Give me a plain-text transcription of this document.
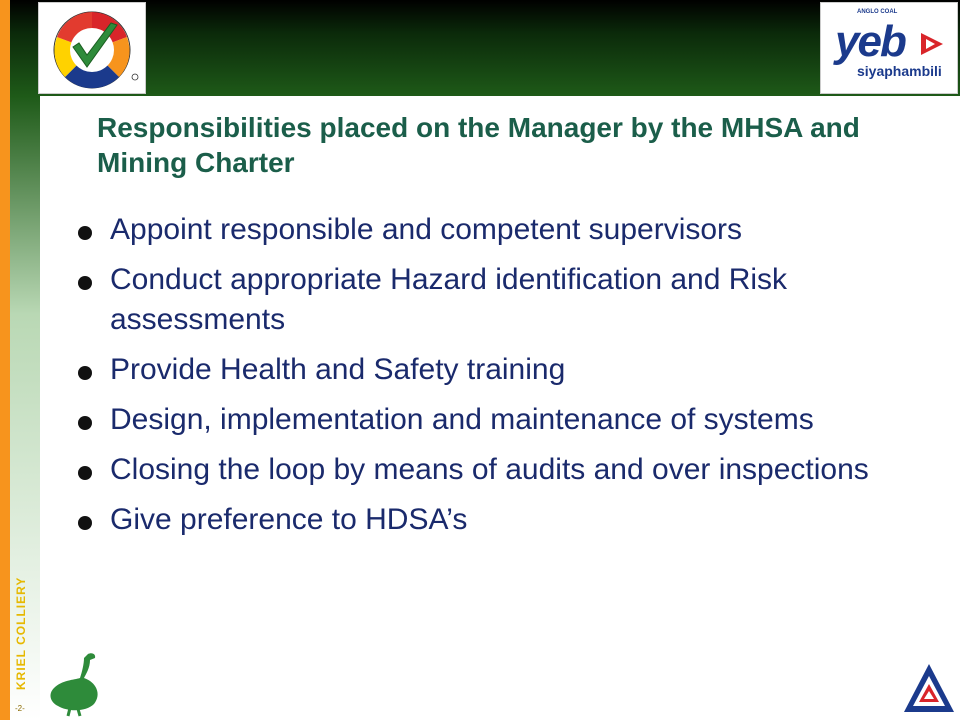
ANGLO COAL
yeb
siyaphambili
KRIEL COLLIERY
-2-
Responsibilities placed on the Manager by the MHSA and Mining Charter
Appoint responsible and competent supervisors
Conduct appropriate Hazard identification and Risk assessments
Provide Health and Safety training
Design, implementation and maintenance of systems
Closing the loop by means of audits and over inspections
Give preference to HDSA’s
